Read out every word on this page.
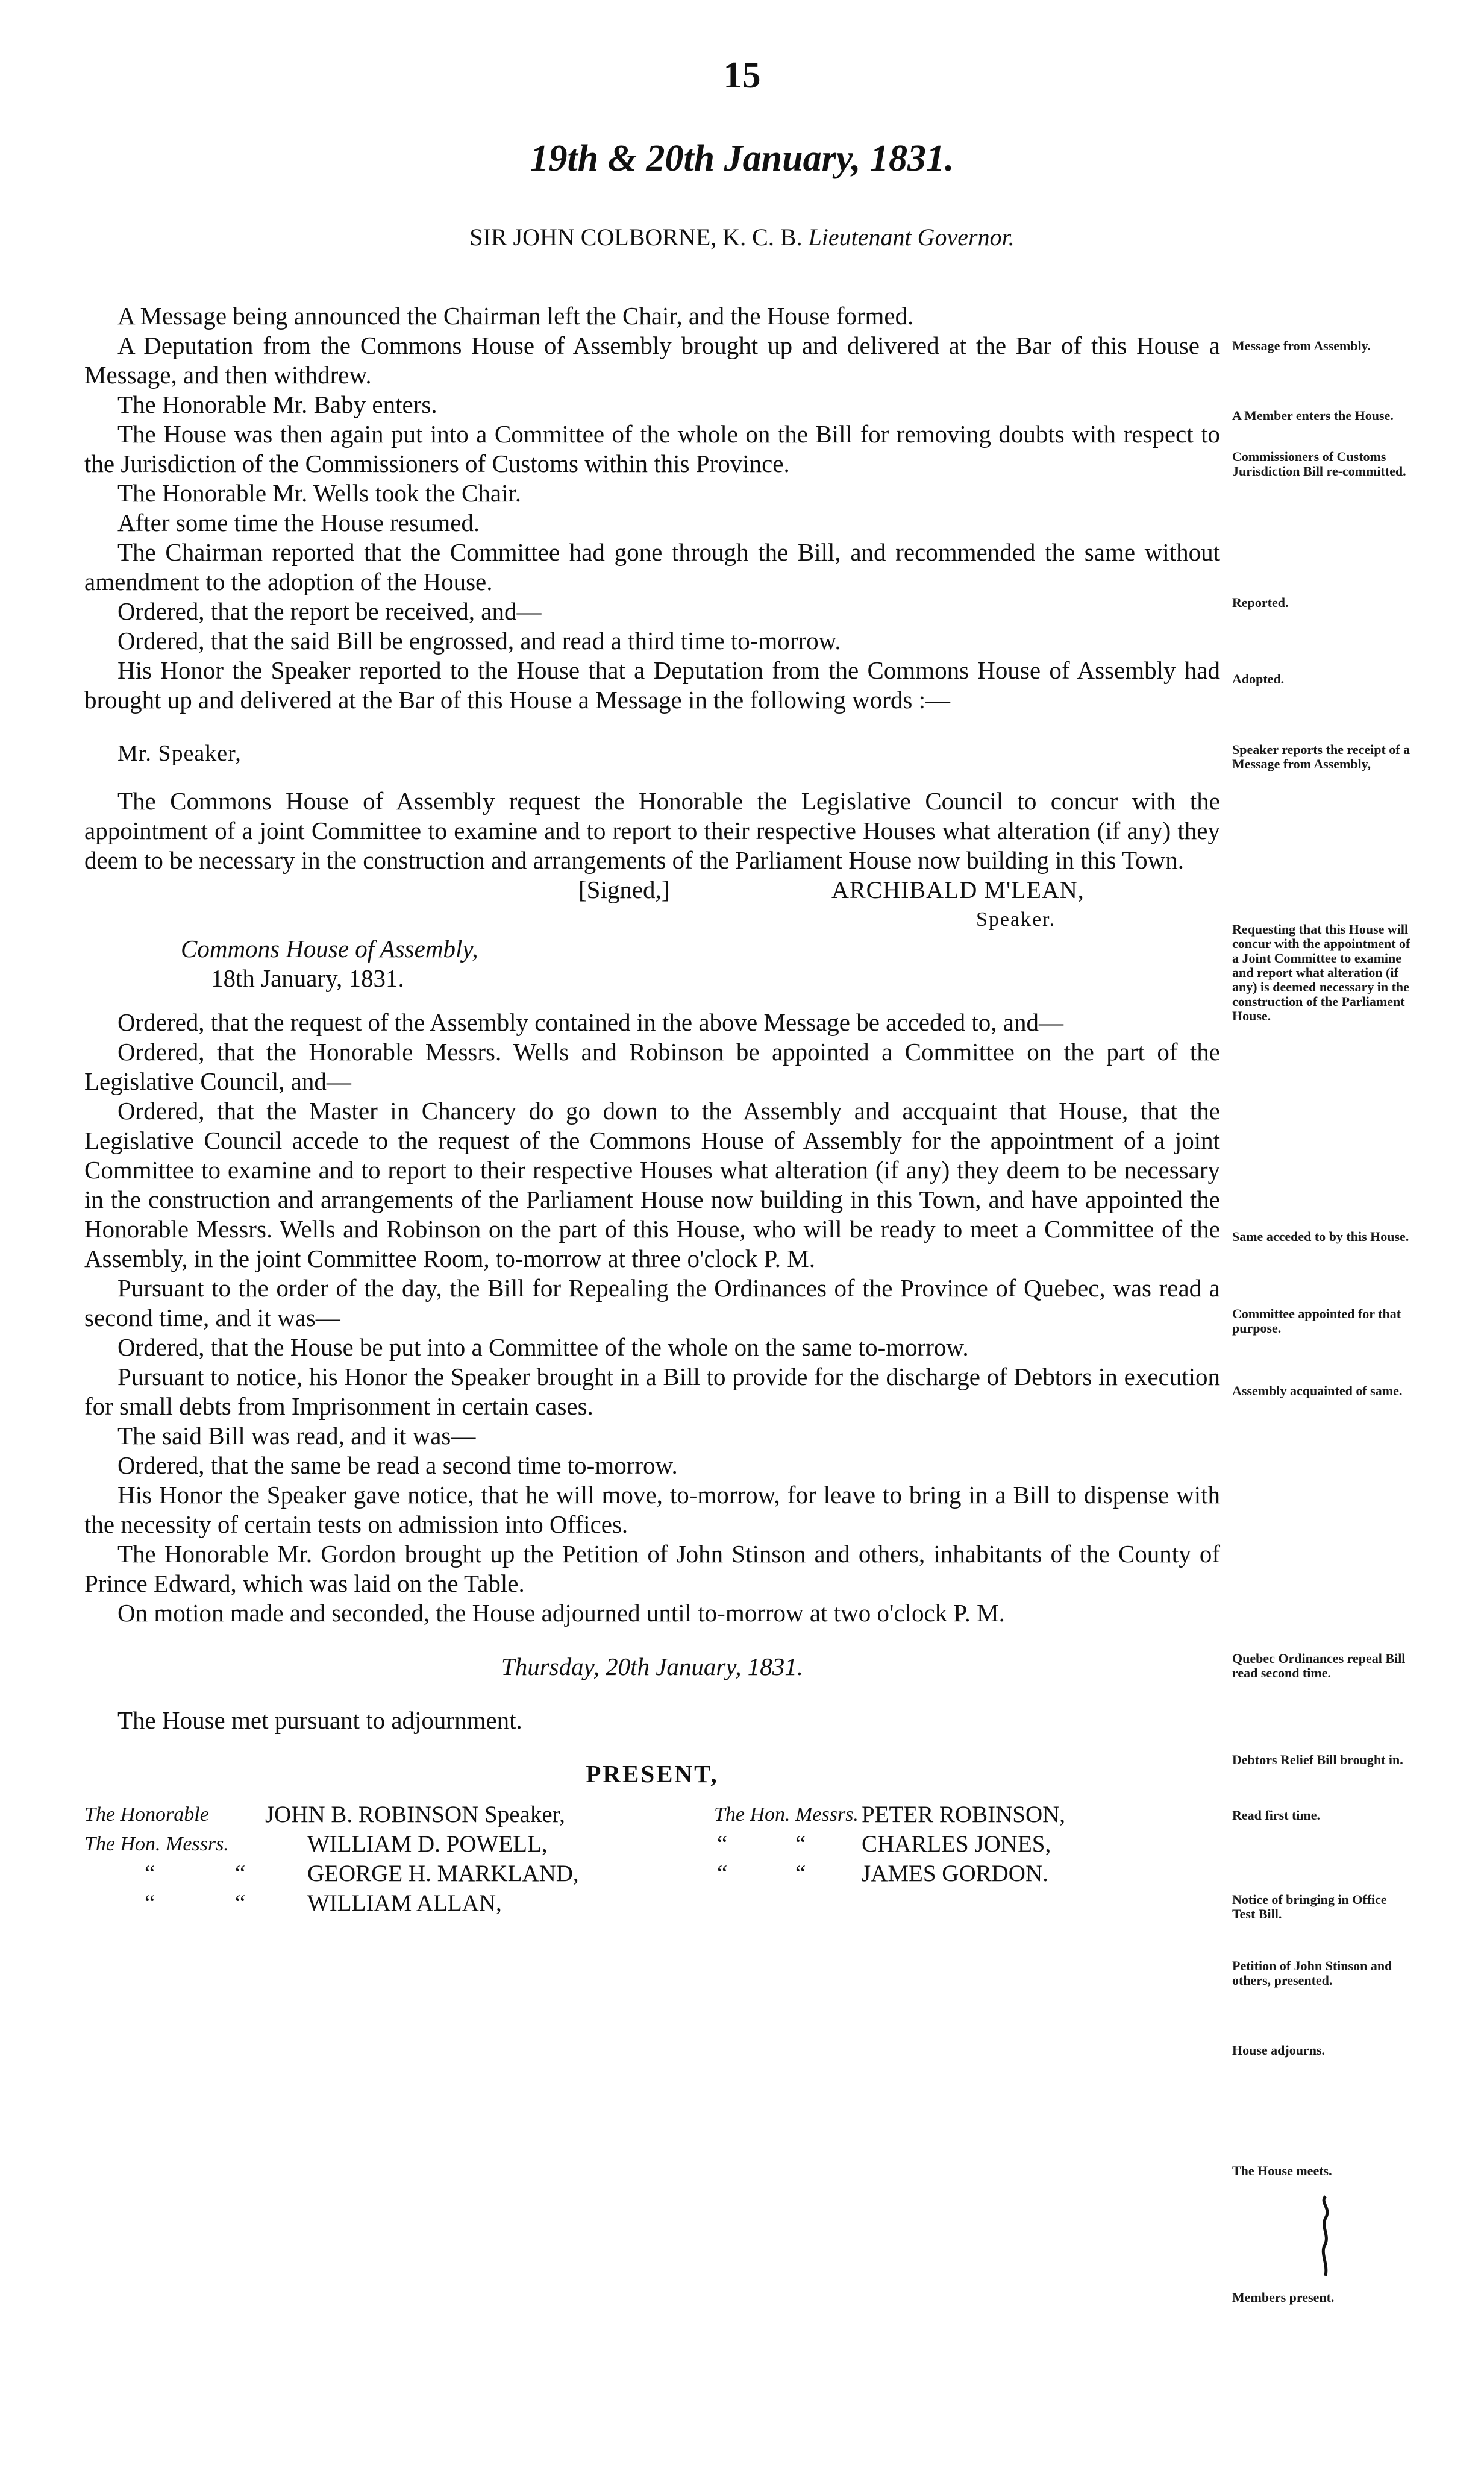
15
19th & 20th January, 1831.
SIR JOHN COLBORNE, K. C. B. Lieutenant Governor.

A Message being announced the Chairman left the Chair, and the House formed.

A Deputation from the Commons House of Assembly brought up and delivered at the Bar of this House a Message, and then withdrew.

The Honorable Mr. Baby enters.

The House was then again put into a Committee of the whole on the Bill for removing doubts with respect to the Jurisdiction of the Commissioners of Customs within this Province.

The Honorable Mr. Wells took the Chair.

After some time the House resumed.

The Chairman reported that the Committee had gone through the Bill, and recommended the same without amendment to the adoption of the House.

Ordered, that the report be received, and—

Ordered, that the said Bill be engrossed, and read a third time to-morrow.

His Honor the Speaker reported to the House that a Deputation from the Commons House of Assembly had brought up and delivered at the Bar of this House a Message in the following words :—

Mr. Speaker,

The Commons House of Assembly request the Honorable the Legislative Council to concur with the appointment of a joint Committee to examine and to report to their respective Houses what alteration (if any) they deem to be necessary in the construction and arrangements of the Parliament House now building in this Town.

[Signed,]	ARCHIBALD M'LEAN,
Speaker.
Commons House of Assembly,
18th January, 1831.

Ordered, that the request of the Assembly contained in the above Message be acceded to, and—

Ordered, that the Honorable Messrs. Wells and Robinson be appointed a Committee on the part of the Legislative Council, and—

Ordered, that the Master in Chancery do go down to the Assembly and accquaint that House, that the Legislative Council accede to the request of the Commons House of Assembly for the appointment of a joint Committee to examine and to report to their respective Houses what alteration (if any) they deem to be necessary in the construction and arrangements of the Parliament House now building in this Town, and have appointed the Honorable Messrs. Wells and Robinson on the part of this House, who will be ready to meet a Committee of the Assembly, in the joint Committee Room, to-morrow at three o'clock P. M.

Pursuant to the order of the day, the Bill for Repealing the Ordinances of the Province of Quebec, was read a second time, and it was—

Ordered, that the House be put into a Committee of the whole on the same to-morrow.

Pursuant to notice, his Honor the Speaker brought in a Bill to provide for the discharge of Debtors in execution for small debts from Imprisonment in certain cases.

The said Bill was read, and it was—

Ordered, that the same be read a second time to-morrow.

His Honor the Speaker gave notice, that he will move, to-morrow, for leave to bring in a Bill to dispense with the necessity of certain tests on admission into Offices.

The Honorable Mr. Gordon brought up the Petition of John Stinson and others, inhabitants of the County of Prince Edward, which was laid on the Table.

On motion made and seconded, the House adjourned until to-morrow at two o'clock P. M.

Thursday, 20th January, 1831.

The House met pursuant to adjournment.

PRESENT,
The Honorable JOHN B. ROBINSON Speaker,	The Hon. Messrs. PETER ROBINSON,
The Hon. Messrs.	WILLIAM D. POWELL,	“	“ CHARLES JONES,
“	“	GEORGE H. MARKLAND,	“	“ JAMES GORDON.
“	“	WILLIAM ALLAN,
Message from Assembly.
A Member enters the House.
Commissioners of Customs Jurisdiction Bill re-committed.
Reported.
Adopted.
Speaker reports the receipt of a Message from Assembly,
Requesting that this House will concur with the appointment of a Joint Committee to examine and report what alteration (if any) is deemed necessary in the construction of the Parliament House.
Same acceded to by this House.
Committee appointed for that purpose.
Assembly acquainted of same.
Quebec Ordinances repeal Bill read second time.
Debtors Relief Bill brought in.
Read first time.
Notice of bringing in Office Test Bill.
Petition of John Stinson and others, presented.
House adjourns.
The House meets.
Members present.
